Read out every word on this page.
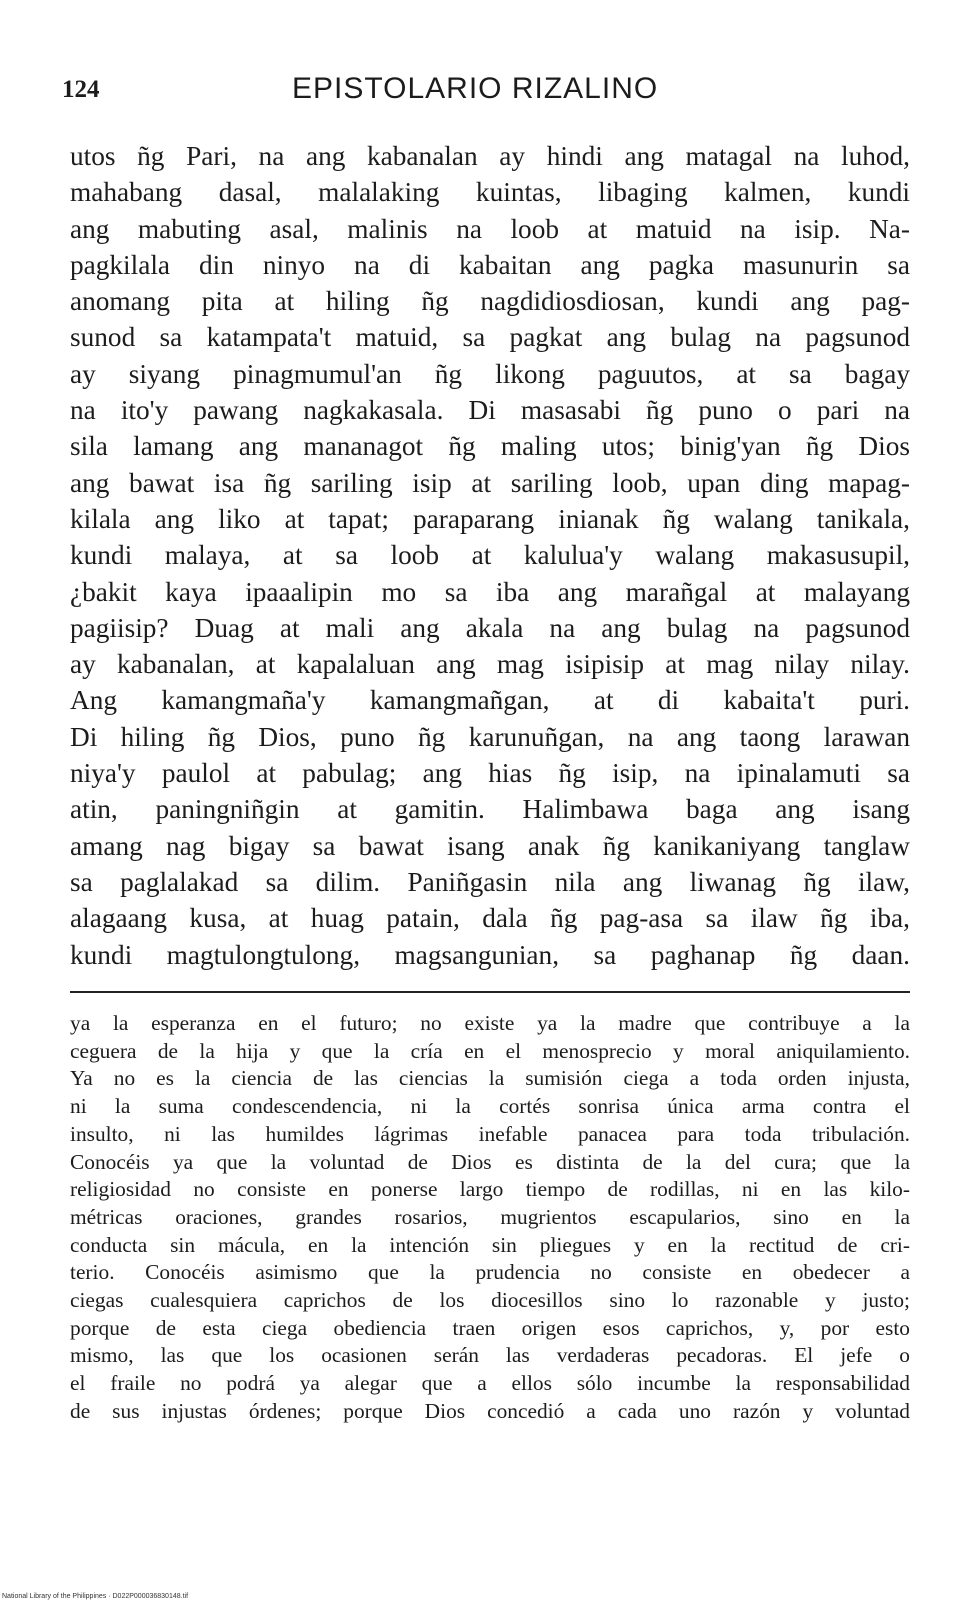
124	EPISTOLARIO RIZALINO
utos ñg Pari, na ang kabanalan ay hindi ang matagal na luhod,
mahabang dasal, malalaking kuintas, libaging kalmen, kundi
ang mabuting asal, malinis na loob at matuid na isip. Na-
pagkilala din ninyo na di kabaitan ang pagka masunurin sa
anomang pita at hiling ñg nagdidiosdiosan, kundi ang pag-
sunod sa katampata't matuid, sa pagkat ang bulag na pagsunod
ay siyang pinagmumul'an ñg likong paguutos, at sa bagay
na ito'y pawang nagkakasala. Di masasabi ñg puno o pari na
sila lamang ang mananagot ñg maling utos; binig'yan ñg Dios
ang bawat isa ñg sariling isip at sariling loob, upan ding mapag-
kilala ang liko at tapat; paraparang inianak ñg walang tanikala,
kundi malaya, at sa loob at kalulua'y walang makasusupil,
¿bakit kaya ipaaalipin mo sa iba ang marañgal at malayang
pagiisip? Duag at mali ang akala na ang bulag na pagsunod
ay kabanalan, at kapalaluan ang mag isipisip at mag nilay nilay.
Ang kamangmaña'y kamangmañgan, at di kabaita't puri.
Di hiling ñg Dios, puno ñg karunuñgan, na ang taong larawan
niya'y paulol at pabulag; ang hias ñg isip, na ipinalamuti sa
atin, paningniñgin at gamitin. Halimbawa baga ang isang
amang nag bigay sa bawat isang anak ñg kanikaniyang tanglaw
sa paglalakad sa dilim. Paniñgasin nila ang liwanag ñg ilaw,
alagaang kusa, at huag patain, dala ñg pag-asa sa ilaw ñg iba,
kundi magtulongtulong, magsangunian, sa paghanap ñg daan.
ya la esperanza en el futuro; no existe ya la madre que contribuye a la
ceguera de la hija y que la cría en el menosprecio y moral aniquilamiento.
Ya no es la ciencia de las ciencias la sumisión ciega a toda orden injusta,
ni la suma condescendencia, ni la cortés sonrisa única arma contra el
insulto, ni las humildes lágrimas inefable panacea para toda tribulación.
Conocéis ya que la voluntad de Dios es distinta de la del cura; que la
religiosidad no consiste en ponerse largo tiempo de rodillas, ni en las kilo-
métricas oraciones, grandes rosarios, mugrientos escapularios, sino en la
conducta sin mácula, en la intención sin pliegues y en la rectitud de cri-
terio. Conocéis asimismo que la prudencia no consiste en obedecer a
ciegas cualesquiera caprichos de los diocesillos sino lo razonable y justo;
porque de esta ciega obediencia traen origen esos caprichos, y, por esto
mismo, las que los ocasionen serán las verdaderas pecadoras. El jefe o
el fraile no podrá ya alegar que a ellos sólo incumbe la responsabilidad
de sus injustas órdenes; porque Dios concedió a cada uno razón y voluntad
National Library of the Philippines · D022P000036830148.tif
